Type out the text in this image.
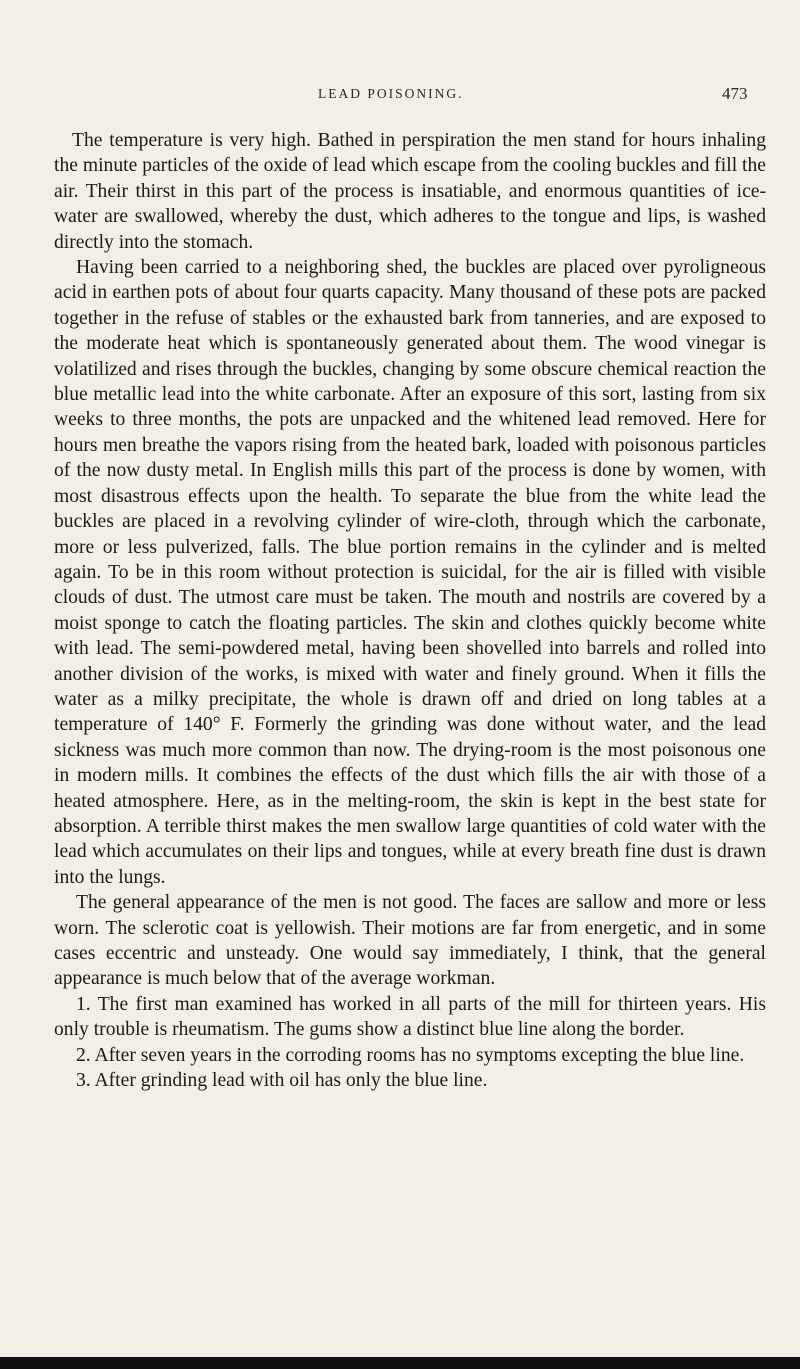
LEAD POISONING.	473

The temperature is very high. Bathed in perspiration the men stand for hours inhaling the minute particles of the oxide of lead which escape from the cooling buckles and fill the air. Their thirst in this part of the process is insatiable, and enormous quantities of ice-water are swallowed, whereby the dust, which adheres to the tongue and lips, is washed directly into the stomach.

Having been carried to a neighboring shed, the buckles are placed over pyroligneous acid in earthen pots of about four quarts capacity. Many thousand of these pots are packed together in the refuse of stables or the exhausted bark from tanneries, and are exposed to the moderate heat which is spontaneously generated about them. The wood vinegar is volatilized and rises through the buckles, changing by some obscure chemical reaction the blue metallic lead into the white carbonate. After an exposure of this sort, lasting from six weeks to three months, the pots are unpacked and the whitened lead removed. Here for hours men breathe the vapors rising from the heated bark, loaded with poisonous particles of the now dusty metal. In English mills this part of the process is done by women, with most disastrous effects upon the health. To separate the blue from the white lead the buckles are placed in a revolving cylinder of wire-cloth, through which the carbonate, more or less pulverized, falls. The blue portion remains in the cylinder and is melted again. To be in this room without protection is suicidal, for the air is filled with visible clouds of dust. The utmost care must be taken. The mouth and nostrils are covered by a moist sponge to catch the floating particles. The skin and clothes quickly become white with lead. The semi-powdered metal, having been shovelled into barrels and rolled into another division of the works, is mixed with water and finely ground. When it fills the water as a milky precipitate, the whole is drawn off and dried on long tables at a temperature of 140° F. Formerly the grinding was done without water, and the lead sickness was much more common than now. The drying-room is the most poisonous one in modern mills. It combines the effects of the dust which fills the air with those of a heated atmosphere. Here, as in the melting-room, the skin is kept in the best state for absorption. A terrible thirst makes the men swallow large quantities of cold water with the lead which accumulates on their lips and tongues, while at every breath fine dust is drawn into the lungs.

The general appearance of the men is not good. The faces are sallow and more or less worn. The sclerotic coat is yellowish. Their motions are far from energetic, and in some cases eccentric and unsteady. One would say immediately, I think, that the general appearance is much below that of the average workman.

1. The first man examined has worked in all parts of the mill for thirteen years. His only trouble is rheumatism. The gums show a distinct blue line along the border.

2. After seven years in the corroding rooms has no symptoms excepting the blue line.

3. After grinding lead with oil has only the blue line.
